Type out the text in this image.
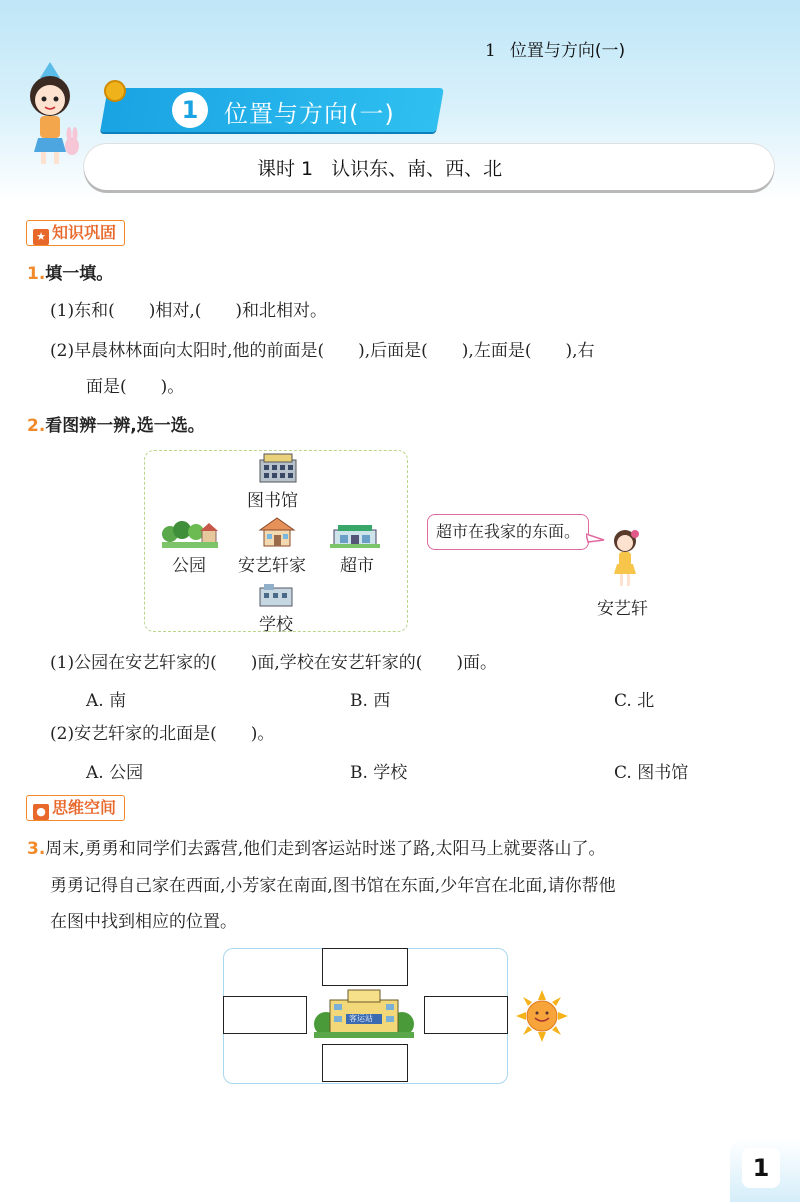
1 位置与方向(一)
1	位置与方向(一)
课时 1 认识东、南、西、北
★ 知识巩固
1.填一填。
(1)东和(　　)相对,(　　)和北相对。
(2)早晨林林面向太阳时,他的前面是(　　),后面是(　　),左面是(　　),右
面是(　　)。
2.看图辨一辨,选一选。
图书馆
公园 安艺轩家 超市
学校
超市在我家的东面。
安艺轩
(1)公园在安艺轩家的(　　)面,学校在安艺轩家的(　　)面。
A. 南	B. 西	C. 北
(2)安艺轩家的北面是(　　)。
A. 公园	B. 学校	C. 图书馆
● 思维空间
3.周末,勇勇和同学们去露营,他们走到客运站时迷了路,太阳马上就要落山了。
勇勇记得自己家在西面,小芳家在南面,图书馆在东面,少年宫在北面,请你帮他
在图中找到相应的位置。
客运站
1
